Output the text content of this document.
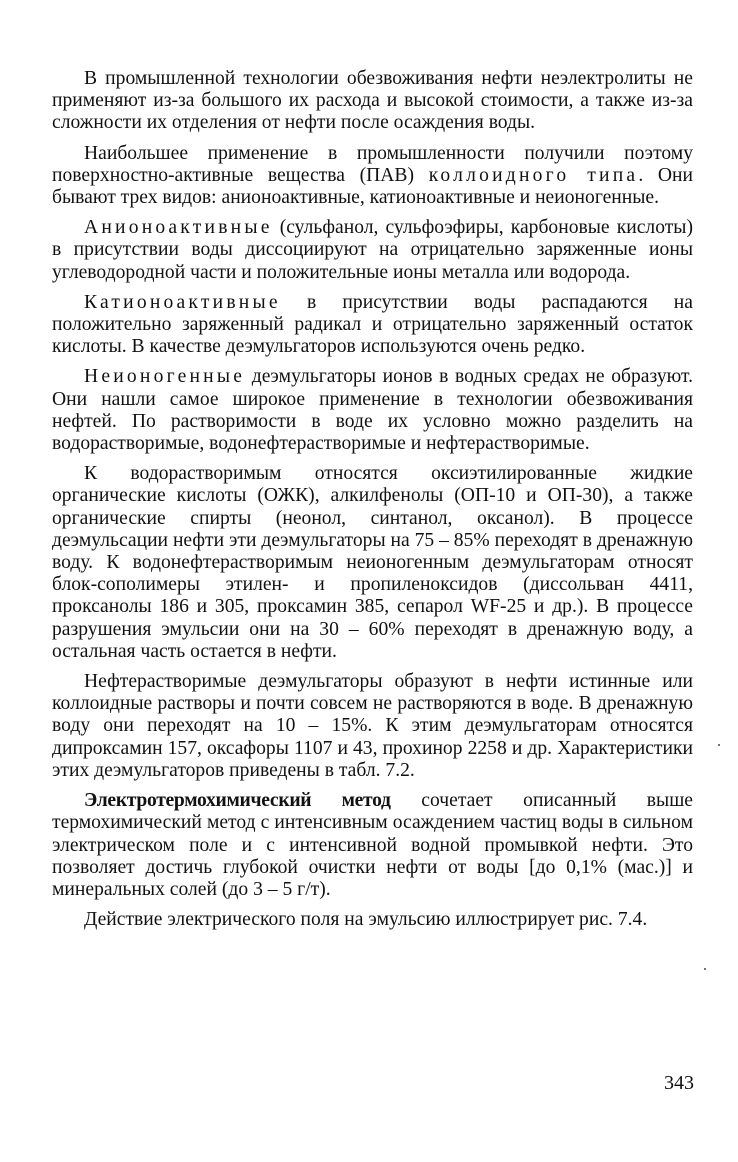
В промышленной технологии обезвоживания нефти неэлектролиты не применяют из-за большого их расхода и высокой стоимости, а также из-за сложности их отделения от нефти после осаждения воды.

Наибольшее применение в промышленности получили поэтому поверхностно-активные вещества (ПАВ) коллоидного типа. Они бывают трех видов: анионоактивные, катионоактивные и неионогенные.

Анионоактивные (сульфанол, сульфоэфиры, карбоновые кислоты) в присутствии воды диссоциируют на отрицательно заряженные ионы углеводородной части и положительные ионы металла или водорода.

Катионоактивные в присутствии воды распадаются на положительно заряженный радикал и отрицательно заряженный остаток кислоты. В качестве деэмульгаторов используются очень редко.

Неионогенные деэмульгаторы ионов в водных средах не образуют. Они нашли самое широкое применение в технологии обезвоживания нефтей. По растворимости в воде их условно можно разделить на водорастворимые, водонефтерастворимые и нефтерастворимые.

К водорастворимым относятся оксиэтилированные жидкие органические кислоты (ОЖК), алкилфенолы (ОП-10 и ОП-30), а также органические спирты (неонол, синтанол, оксанол). В процессе деэмульсации нефти эти деэмульгаторы на 75 – 85% переходят в дренажную воду. К водонефтерастворимым неионогенным деэмульгаторам относят блок-сополимеры этилен- и пропиленоксидов (диссольван 4411, проксанолы 186 и 305, проксамин 385, сепарол WF-25 и др.). В процессе разрушения эмульсии они на 30 – 60% переходят в дренажную воду, а остальная часть остается в нефти.

Нефтерастворимые деэмульгаторы образуют в нефти истинные или коллоидные растворы и почти совсем не растворяются в воде. В дренажную воду они переходят на 10 – 15%. К этим деэмульгаторам относятся дипроксамин 157, оксафоры 1107 и 43, прохинор 2258 и др. Характеристики этих деэмульгаторов приведены в табл. 7.2.

Электротермохимический метод сочетает описанный выше термохимический метод с интенсивным осаждением частиц воды в сильном электрическом поле и с интенсивной водной промывкой нефти. Это позволяет достичь глубокой очистки нефти от воды [до 0,1% (мас.)] и минеральных солей (до 3 – 5 г/т).

Действие электрического поля на эмульсию иллюстрирует рис. 7.4.

343
